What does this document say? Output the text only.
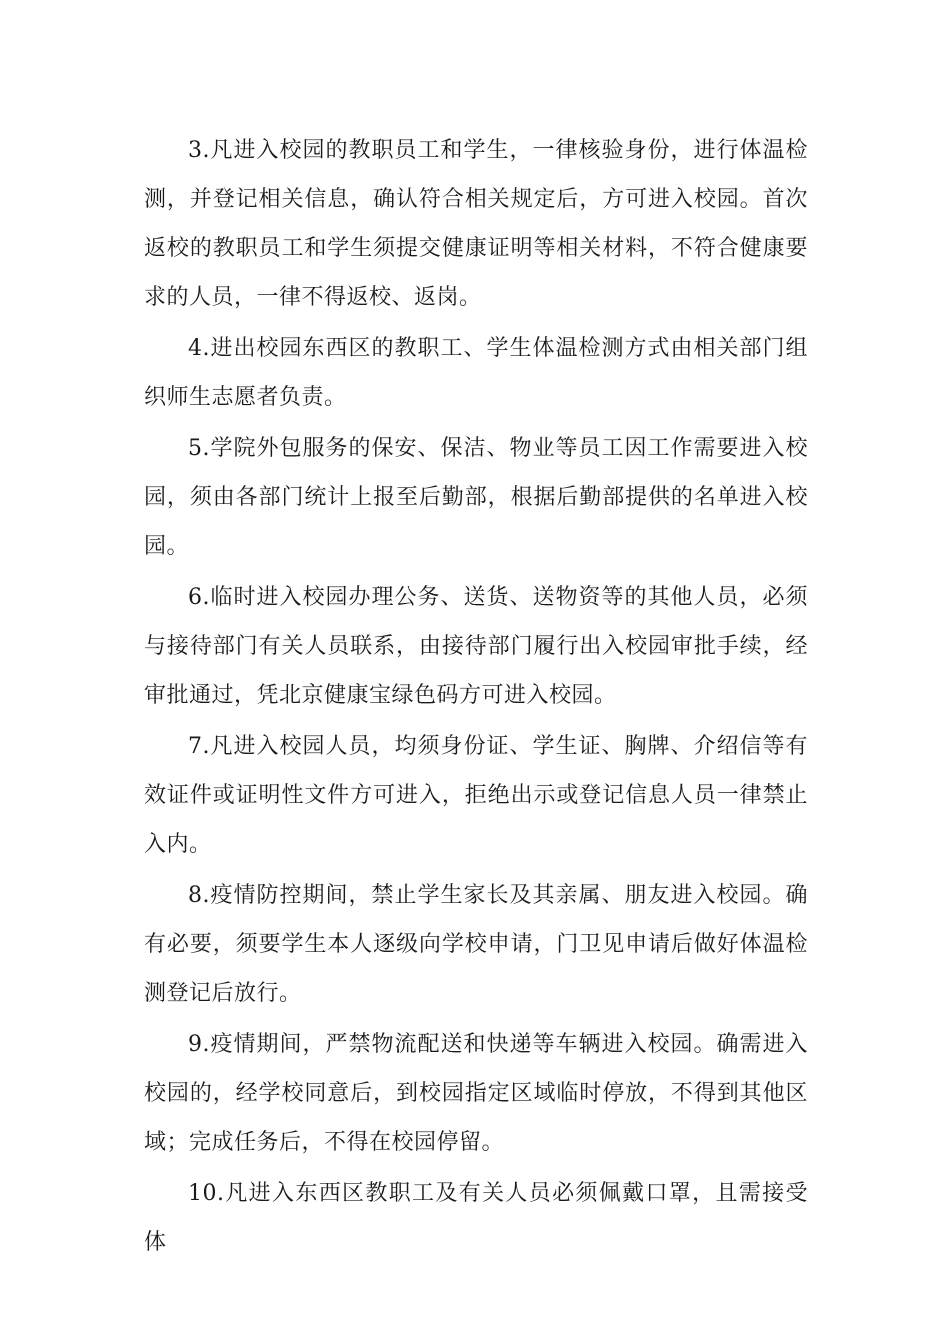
3.凡进入校园的教职员工和学生，一律核验身份，进行体温检测，并登记相关信息，确认符合相关规定后，方可进入校园。首次返校的教职员工和学生须提交健康证明等相关材料，不符合健康要求的人员，一律不得返校、返岗。

4.进出校园东西区的教职工、学生体温检测方式由相关部门组织师生志愿者负责。

5.学院外包服务的保安、保洁、物业等员工因工作需要进入校园，须由各部门统计上报至后勤部，根据后勤部提供的名单进入校园。

6.临时进入校园办理公务、送货、送物资等的其他人员，必须与接待部门有关人员联系，由接待部门履行出入校园审批手续，经审批通过，凭北京健康宝绿色码方可进入校园。

7.凡进入校园人员，均须身份证、学生证、胸牌、介绍信等有效证件或证明性文件方可进入，拒绝出示或登记信息人员一律禁止入内。

8.疫情防控期间，禁止学生家长及其亲属、朋友进入校园。确有必要，须要学生本人逐级向学校申请，门卫见申请后做好体温检测登记后放行。

9.疫情期间，严禁物流配送和快递等车辆进入校园。确需进入校园的，经学校同意后，到校园指定区域临时停放，不得到其他区域；完成任务后，不得在校园停留。

10.凡进入东西区教职工及有关人员必须佩戴口罩，且需接受体
